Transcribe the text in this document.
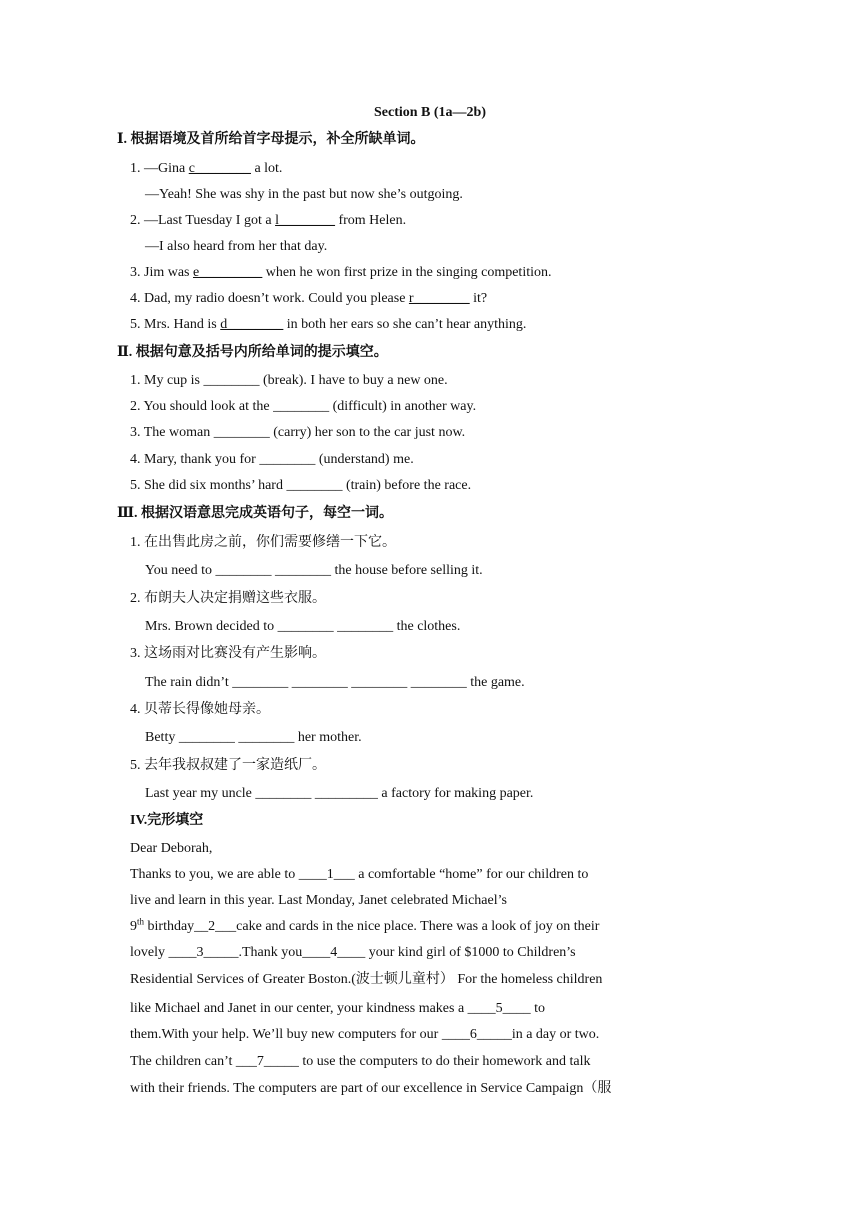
Section B (1a—2b)
Ⅰ. 根据语境及首所给首字母提示，补全所缺单词。
1. —Gina c________ a lot.
—Yeah! She was shy in the past but now she’s outgoing.
2. —Last Tuesday I got a l________ from Helen.
—I also heard from her that day.
3. Jim was e_________ when he won first prize in the singing competition.
4. Dad, my radio doesn’t work. Could you please r________ it?
5. Mrs. Hand is d________ in both her ears so she can’t hear anything.
Ⅱ. 根据句意及括号内所给单词的提示填空。
1. My cup is ________ (break). I have to buy a new one.
2. You should look at the ________ (difficult) in another way.
3. The woman ________ (carry) her son to the car just now.
4. Mary, thank you for ________ (understand) me.
5. She did six months’ hard ________ (train) before the race.
Ⅲ. 根据汉语意思完成英语句子，每空一词。
1. 在出售此房之前，你们需要修缮一下它。
You need to ________ ________ the house before selling it.
2. 布朗夫人决定捐赠这些衣服。
Mrs. Brown decided to ________ ________ the clothes.
3. 这场雨对比赛没有产生影响。
The rain didn’t ________ ________ ________ ________ the game.
4. 贝蒂长得像她母亲。
Betty ________ ________ her mother.
5. 去年我叔叔建了一家造纸厂。
Last year my uncle ________ _________ a factory for making paper.
IV.完形填空
Dear Deborah,
Thanks to you, we are able to ____1___ a comfortable “home” for our children to
live and learn in this year. Last Monday, Janet celebrated Michael’s
9th birthday__2___cake and cards in the nice place. There was a look of joy on their
lovely ____3_____.Thank you____4____ your kind girl of $1000 to Children’s
Residential Services of Greater Boston.(波士顿儿童村） For the homeless children
like Michael and Janet in our center, your kindness makes a ____5____ to
them.With your help. We’ll buy new computers for our ____6_____in a day or two.
The children can’t ___7_____ to use the computers to do their homework and talk
with their friends. The computers are part of our excellence in Service Campaign（服
